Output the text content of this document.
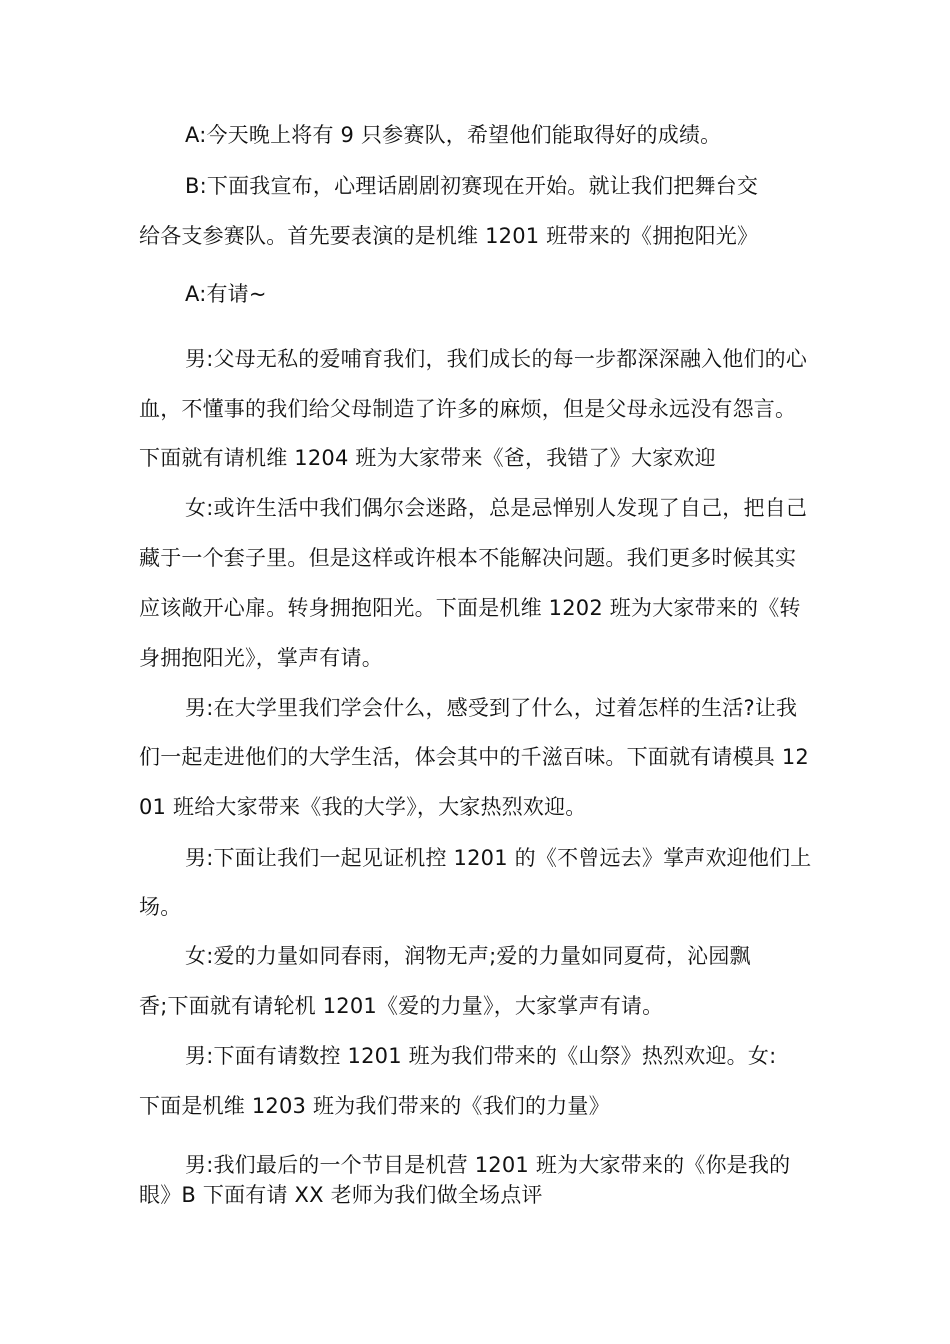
A:今天晚上将有 9 只参赛队，希望他们能取得好的成绩。
B:下面我宣布，心理话剧剧初赛现在开始。就让我们把舞台交
给各支参赛队。首先要表演的是机维 1201 班带来的《拥抱阳光》
A:有请~
男:父母无私的爱哺育我们，我们成长的每一步都深深融入他们的心
血，不懂事的我们给父母制造了许多的麻烦，但是父母永远没有怨言。
下面就有请机维 1204 班为大家带来《爸，我错了》大家欢迎
女:或许生活中我们偶尔会迷路，总是忌惮别人发现了自己，把自己
藏于一个套子里。但是这样或许根本不能解决问题。我们更多时候其实
应该敞开心扉。转身拥抱阳光。下面是机维 1202 班为大家带来的《转
身拥抱阳光》，掌声有请。
男:在大学里我们学会什么，感受到了什么，过着怎样的生活?让我
们一起走进他们的大学生活，体会其中的千滋百味。下面就有请模具 12
01 班给大家带来《我的大学》，大家热烈欢迎。
男:下面让我们一起见证机控 1201 的《不曾远去》掌声欢迎他们上
场。
女:爱的力量如同春雨，润物无声;爱的力量如同夏荷，沁园飘
香;下面就有请轮机 1201《爱的力量》，大家掌声有请。
男:下面有请数控 1201 班为我们带来的《山祭》热烈欢迎。女:
下面是机维 1203 班为我们带来的《我们的力量》
男:我们最后的一个节目是机营 1201 班为大家带来的《你是我的
眼》B 下面有请 XX 老师为我们做全场点评
